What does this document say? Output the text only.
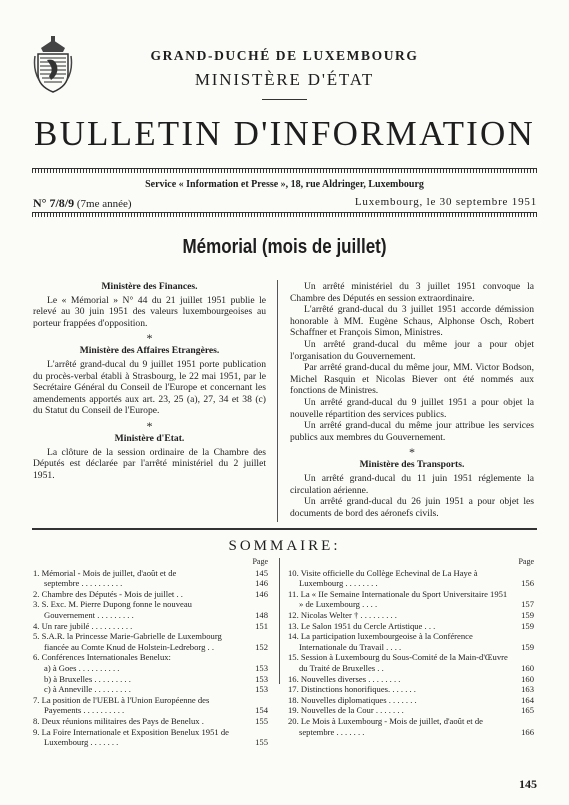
GRAND-DUCHÉ DE LUXEMBOURG
MINISTÈRE D'ÉTAT
BULLETIN D'INFORMATION
Service « Information et Presse », 18, rue Aldringer, Luxembourg
N° 7/8/9 (7me année)	Luxembourg, le 30 septembre 1951
Mémorial (mois de juillet)
Ministère des Finances.

Le « Mémorial » N° 44 du 21 juillet 1951 publie le relevé au 30 juin 1951 des valeurs luxembourgeoises au porteur frappées d'opposition.

*
Ministère des Affaires Etrangères.

L'arrêté grand-ducal du 9 juillet 1951 porte publication du procès-verbal établi à Strasbourg, le 22 mai 1951, par le Secrétaire Général du Conseil de l'Europe et concernant les amendements apportés aux art. 23, 25 (a), 27, 34 et 38 (c) du Statut du Conseil de l'Europe.

*
Ministère d'Etat.

La clôture de la session ordinaire de la Chambre des Députés est déclarée par l'arrêté ministériel du 2 juillet 1951.

Un arrêté ministériel du 3 juillet 1951 convoque la Chambre des Députés en session extraordinaire.

L'arrêté grand-ducal du 3 juillet 1951 accorde démission honorable à MM. Eugène Schaus, Alphonse Osch, Robert Schaffner et François Simon, Ministres.

Un arrêté grand-ducal du même jour a pour objet l'organisation du Gouvernement.

Par arrêté grand-ducal du même jour, MM. Victor Bodson, Michel Rasquin et Nicolas Biever ont été nommés aux fonctions de Ministres.

Un arrêté grand-ducal du 9 juillet 1951 a pour objet la nouvelle répartition des services publics.

Un arrêté grand-ducal du même jour attribue les services publics aux membres du Gouvernement.

*
Ministère des Transports.

Un arrêté grand-ducal du 11 juin 1951 réglemente la circulation aérienne.

Un arrêté grand-ducal du 26 juin 1951 a pour objet les documents de bord des aéronefs civils.

SOMMAIRE:
Page
1. Mémorial - Mois de juillet, d'août et de	145
septembre . . . . . . . . . .	146
2. Chambre des Députés - Mois de juillet . .	146
3. S. Exc. M. Pierre Dupong fonne le nouveau Gouvernement . . . . . . . . .	148
4. Un rare jubilé . . . . . . . . . .	151
5. S.A.R. la Princesse Marie-Gabrielle de Luxembourg fiancée au Comte Knud de Holstein-Ledreborg . .	152
6. Conférences Internationales Benelux:
a) à Goes . . . . . . . . . .	153
b) à Bruxelles . . . . . . . . .	153
c) à Anneville . . . . . . . . .	153
7. La position de l'UEBL à l'Union Européenne des Payements . . . . . . . . . .	154
8. Deux réunions militaires des Pays de Benelux .	155
9. La Foire Internationale et Exposition Benelux 1951 de Luxembourg . . . . . . .	155
Page
10. Visite officielle du Collège Echevinal de La Haye à Luxembourg . . . . . . . .	156
11. La « IIe Semaine Internationale du Sport Universitaire 1951 » de Luxembourg . . . .	157
12. Nicolas Welter † . . . . . . . . .	159
13. Le Salon 1951 du Cercle Artistique . . .	159
14. La participation luxembourgeoise à la Conférence Internationale du Travail . . . .	159
15. Session à Luxembourg du Sous-Comité de la Main-d'Œuvre du Traité de Bruxelles . .	160
16. Nouvelles diverses . . . . . . . .	160
17. Distinctions honorifiques. . . . . . .	163
18. Nouvelles diplomatiques . . . . . . .	164
19. Nouvelles de la Cour . . . . . . .	165
20. Le Mois à Luxembourg - Mois de juillet, d'août et de septembre . . . . . . .	166
145
